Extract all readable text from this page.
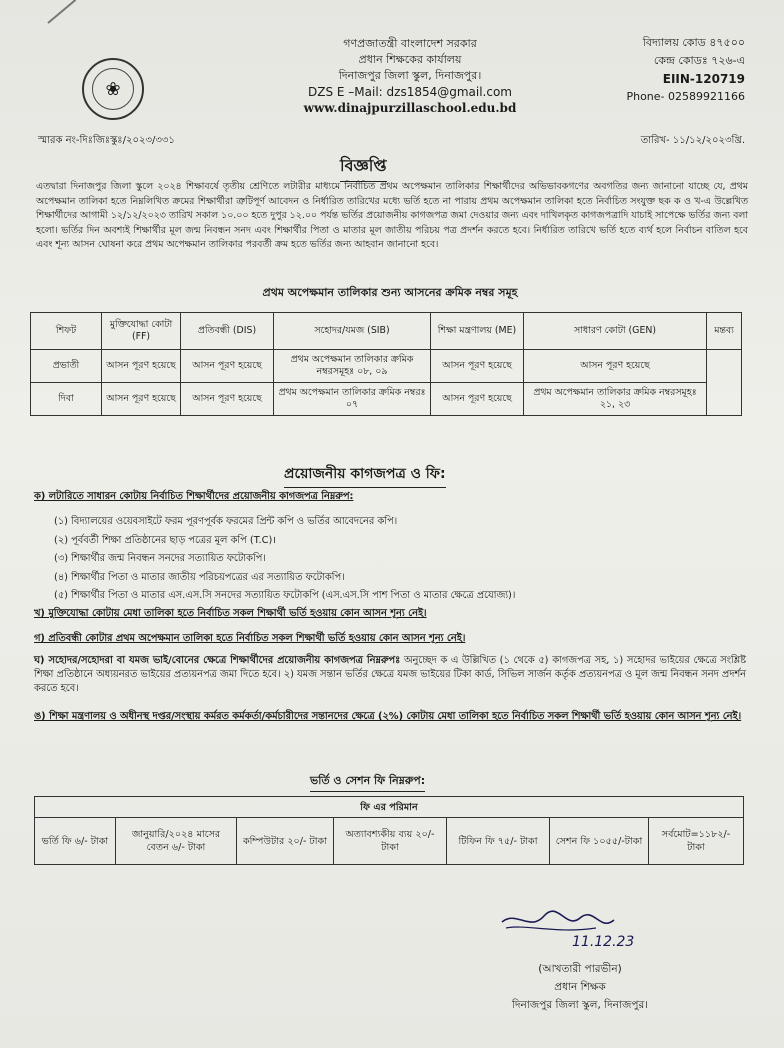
❀
গণপ্রজাতন্ত্রী বাংলাদেশ সরকার
প্রধান শিক্ষকের কার্যালয়
দিনাজপুর জিলা স্কুল, দিনাজপুর।
DZS E –Mail: dzs1854@gmail.com
www.dinajpurzillaschool.edu.bd
বিদ্যালয় কোড ৪৭৫০০
কেন্দ্র কোডঃ ৭২৬-এ
EIIN-120719
Phone- 02589921166
স্মারক নং-দিঃজিঃস্কুঃ/২০২৩/৩৩১	তারিখ- ১১/১২/২০২৩খ্রি.
বিজ্ঞপ্তি
এতদ্বারা দিনাজপুর জিলা স্কুলে ২০২৪ শিক্ষাবর্ষে তৃতীয় শ্রেণিতে লটারীর মাধ্যমে নির্বাচিত প্রথম অপেক্ষমান তালিকার শিক্ষার্থীদের অভিভাবকগণের অবগতির জন্য জানানো যাচ্ছে যে, প্রথম অপেক্ষমান তালিকা হতে নিম্নলিখিত ক্রমের শিক্ষার্থীরা ত্রুটিপূর্ণ আবেদন ও নির্ধারিত তারিখের মধ্যে ভর্তি হতে না পারায় প্রথম অপেক্ষমান তালিকা হতে নির্বাচিত সংযুক্ত ছক ক ও খ-এ উল্লেখিত শিক্ষার্থীদের আগামী ১২/১২/২০২৩ তারিখ সকাল ১০.০০ হতে দুপুর ১২.০০ পর্যন্ত ভর্তির প্রয়োজনীয় কাগজপত্র জমা দেওয়ার জন্য এবং দাখিলকৃত কাগজপত্রাদি যাচাই সাপেক্ষে ভর্তির জন্য বলা হলো। ভর্তির দিন অবশ্যই শিক্ষার্থীর মূল জন্ম নিবন্ধন সনদ এবং শিক্ষার্থীর পিতা ও মাতার মূল জাতীয় পরিচয় পত্র প্রদর্শন করতে হবে। নির্ধারিত তারিখে ভর্তি হতে ব্যর্থ হলে নির্বাচন বাতিল হবে এবং শূন্য আসন ঘোষনা করে প্রথম অপেক্ষমান তালিকার পরবর্তী ক্রম হতে ভর্তির জন্য আহবান জানানো হবে।
প্রথম অপেক্ষমান তালিকার শুন্য আসনের ক্রমিক নম্বর সমূহ
শিফট	মুক্তিযোদ্ধা কোটা (FF)	প্রতিবন্ধী (DIS)	সহোদর/যমজ (SIB)	শিক্ষা মন্ত্রণালয় (ME)	সাধারণ কোটা (GEN)	মন্তব্য
প্রভাতী	আসন পূরণ হয়েছে	আসন পূরণ হয়েছে	প্রথম অপেক্ষমান তালিকার ক্রমিক নম্বরসমূহঃ ০৮, ০৯	আসন পূরণ হয়েছে	আসন পূরণ হয়েছে	
দিবা	আসন পূরণ হয়েছে	আসন পূরণ হয়েছে	প্রথম অপেক্ষমান তালিকার ক্রমিক নম্বরঃ ০৭	আসন পূরণ হয়েছে	প্রথম অপেক্ষমান তালিকার ক্রমিক নম্বরসমূহঃ ২১, ২৩	
প্রয়োজনীয় কাগজপত্র ও ফি:
ক) লটারিতে সাধারন কোটায় নির্বাচিত শিক্ষার্থীদের প্রয়োজনীয় কাগজপত্র নিম্নরুপ:
(১) বিদ্যালয়ের ওয়েবসাইটে ফরম পূরণপূর্বক ফরমের প্রিন্ট কপি ও ভর্তির আবেদনের কপি।
(২) পূর্ববর্তী শিক্ষা প্রতিষ্ঠানের ছাড় পত্রের মূল কপি (T.C)।
(৩) শিক্ষার্থীর জন্ম নিবন্ধন সনদের সত্যায়িত ফটোকপি।
(৪) শিক্ষার্থীর পিতা ও মাতার জাতীয় পরিচয়পত্রের এর সত্যায়িত ফটোকপি।
(৫) শিক্ষার্থীর পিতা ও মাতার এস.এস.সি সনদের সত্যায়িত ফটোকপি (এস.এস.সি পাশ পিতা ও মাতার ক্ষেত্রে প্রযোজ্য)।
খ) মুক্তিযোদ্ধা কোটায় মেধা তালিকা হতে নির্বাচিত সকল শিক্ষার্থী ভর্তি হওয়ায় কোন আসন শূন্য নেই।
গ) প্রতিবন্ধী কোটার প্রথম অপেক্ষমান তালিকা হতে নির্বাচিত সকল শিক্ষার্থী ভর্তি হওয়ায় কোন আসন শূন্য নেই।
ঘ) সহোদর/সহোদরা বা যমজ ভাই/বোনের ক্ষেত্রে শিক্ষার্থীদের প্রয়োজনীয় কাগজপত্র নিম্নরুপঃ অনুচ্ছেদ ক এ উল্লিখিত (১ থেকে ৫) কাগজপত্র সহ, ১) সহোদর ভাইয়ের ক্ষেত্রে সংশ্লিষ্ট শিক্ষা প্রতিষ্ঠানে অধ্যয়নরত ভাইয়ের প্রত্যয়নপত্র জমা দিতে হবে। ২) যমজ সন্তান ভর্তির ক্ষেত্রে যমজ ভাইয়ের টিকা কার্ড, সিভিল সার্জন কর্তৃক প্রত্যয়নপত্র ও মূল জন্ম নিবন্ধন সনদ প্রদর্শন করতে হবে।
ঙ) শিক্ষা মন্ত্রণালয় ও অধীনস্থ দপ্তর/সংস্থায় কর্মরত কর্মকর্তা/কর্মচারীদের সন্তানদের ক্ষেত্রে (২%) কোটায় মেধা তালিকা হতে নির্বাচিত সকল শিক্ষার্থী ভর্তি হওয়ায় কোন আসন শূন্য নেই।
ভর্তি ও সেশন ফি নিম্নরুপ:
ফি এর পরিমান
ভর্তি ফি ৬/- টাকা	জানুয়ারি/২০২৪ মাসের বেতন ৬/- টাকা	কম্পিউটার ২০/- টাকা	অত্যাবশ্যকীয় ব্যয় ২০/-টাকা	টিফিন ফি ৭৫/- টাকা	সেশন ফি ১০৫৫/-টাকা	সর্বমোট=১১৮২/- টাকা
11.12.23
(আখতারী পারভীন)
প্রধান শিক্ষক
দিনাজপুর জিলা স্কুল, দিনাজপুর।
